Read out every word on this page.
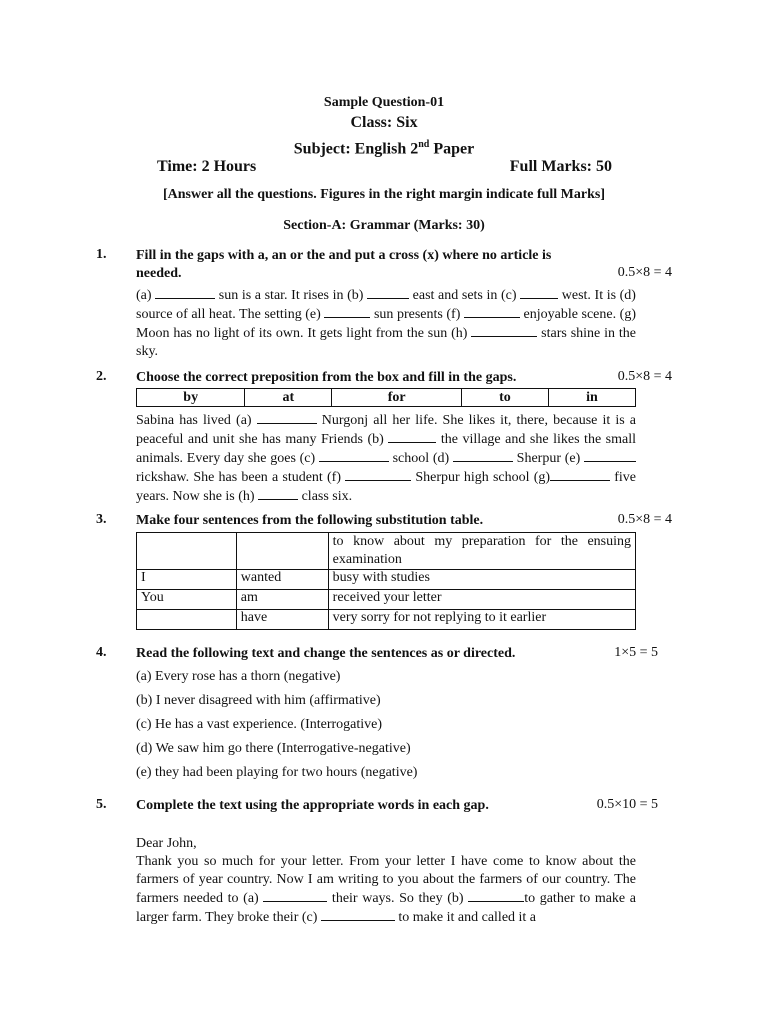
Sample Question-01
Class: Six
Subject: English 2nd Paper
Time: 2 Hours	Full Marks: 50
[Answer all the questions. Figures in the right margin indicate full Marks]
Section-A: Grammar (Marks: 30)
1. Fill in the gaps with a, an or the and put a cross (x) where no article is needed.	0.5×8 = 4
(a)	sun is a star. It rises in (b)	east and sets in (c)	west. It is (d) source of all heat. The setting (e)	sun presents (f)	enjoyable scene. (g) Moon has no light of its own. It gets light from the sun (h)	stars shine in the sky.
2. Choose the correct preposition from the box and fill in the gaps.	0.5×8 = 4
by	at	for	to	in
Sabina has lived (a)	Nurgonj all her life. She likes it, there, because it is a peaceful and unit she has many Friends (b)	the village and she likes the small animals. Every day she goes (c)	school (d)	Sherpur (e) rickshaw. She has been a student (f)	Sherpur high school (g)	five years. Now she is (h)	class six.
3. Make four sentences from the following substitution table.	0.5×8 = 4
		to know about my preparation for the ensuing examination
I	wanted	busy with studies
You	am	received your letter
	have	very sorry for not replying to it earlier
4. Read the following text and change the sentences as or directed.	1×5 = 5

(a) Every rose has a thorn (negative)

(b) I never disagreed with him (affirmative)

(c) He has a vast experience. (Interrogative)

(d) We saw him go there (Interrogative-negative)

(e) they had been playing for two hours (negative)

5. Complete the text using the appropriate words in each gap.	0.5×10 = 5
Dear John,
Thank you so much for your letter. From your letter I have come to know about the farmers of year country. Now I am writing to you about the farmers of our country. The farmers needed to (a)	their ways. So they (b)	to gather to make a larger farm. They broke their (c)	to make it and called it a
